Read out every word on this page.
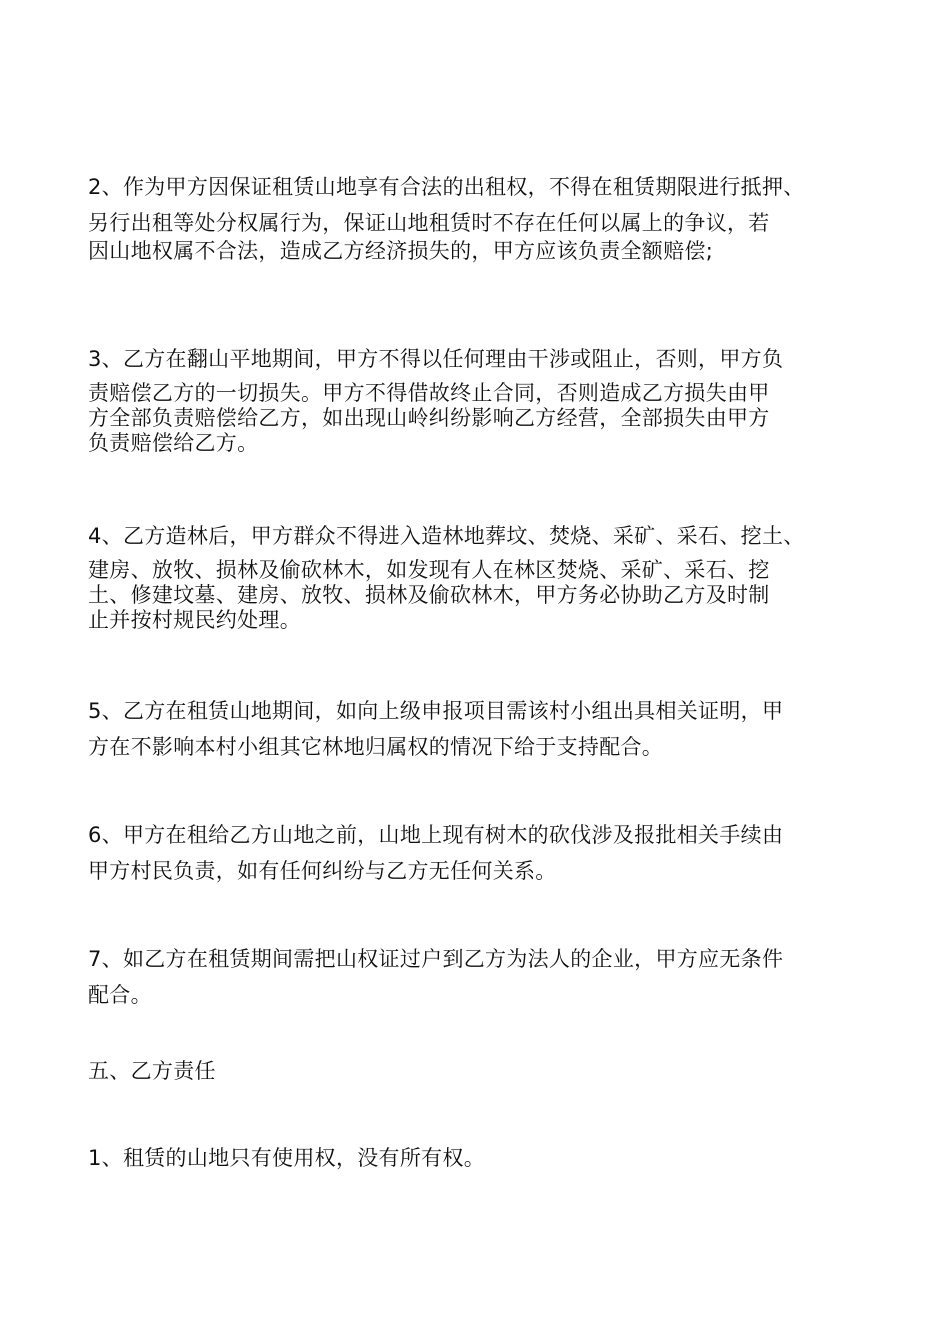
2、作为甲方因保证租赁山地享有合法的出租权，不得在租赁期限进行抵押、
另行出租等处分权属行为，保证山地租赁时不存在任何以属上的争议，若
因山地权属不合法，造成乙方经济损失的，甲方应该负责全额赔偿;
3、乙方在翻山平地期间，甲方不得以任何理由干涉或阻止，否则，甲方负
责赔偿乙方的一切损失。甲方不得借故终止合同，否则造成乙方损失由甲
方全部负责赔偿给乙方，如出现山岭纠纷影响乙方经营，全部损失由甲方
负责赔偿给乙方。
4、乙方造林后，甲方群众不得进入造林地葬坟、焚烧、采矿、采石、挖土、
建房、放牧、损林及偷砍林木，如发现有人在林区焚烧、采矿、采石、挖
土、修建坟墓、建房、放牧、损林及偷砍林木，甲方务必协助乙方及时制
止并按村规民约处理。
5、乙方在租赁山地期间，如向上级申报项目需该村小组出具相关证明，甲
方在不影响本村小组其它林地归属权的情况下给于支持配合。
6、甲方在租给乙方山地之前，山地上现有树木的砍伐涉及报批相关手续由
甲方村民负责，如有任何纠纷与乙方无任何关系。
7、如乙方在租赁期间需把山权证过户到乙方为法人的企业，甲方应无条件
配合。
五、乙方责任
1、租赁的山地只有使用权，没有所有权。
